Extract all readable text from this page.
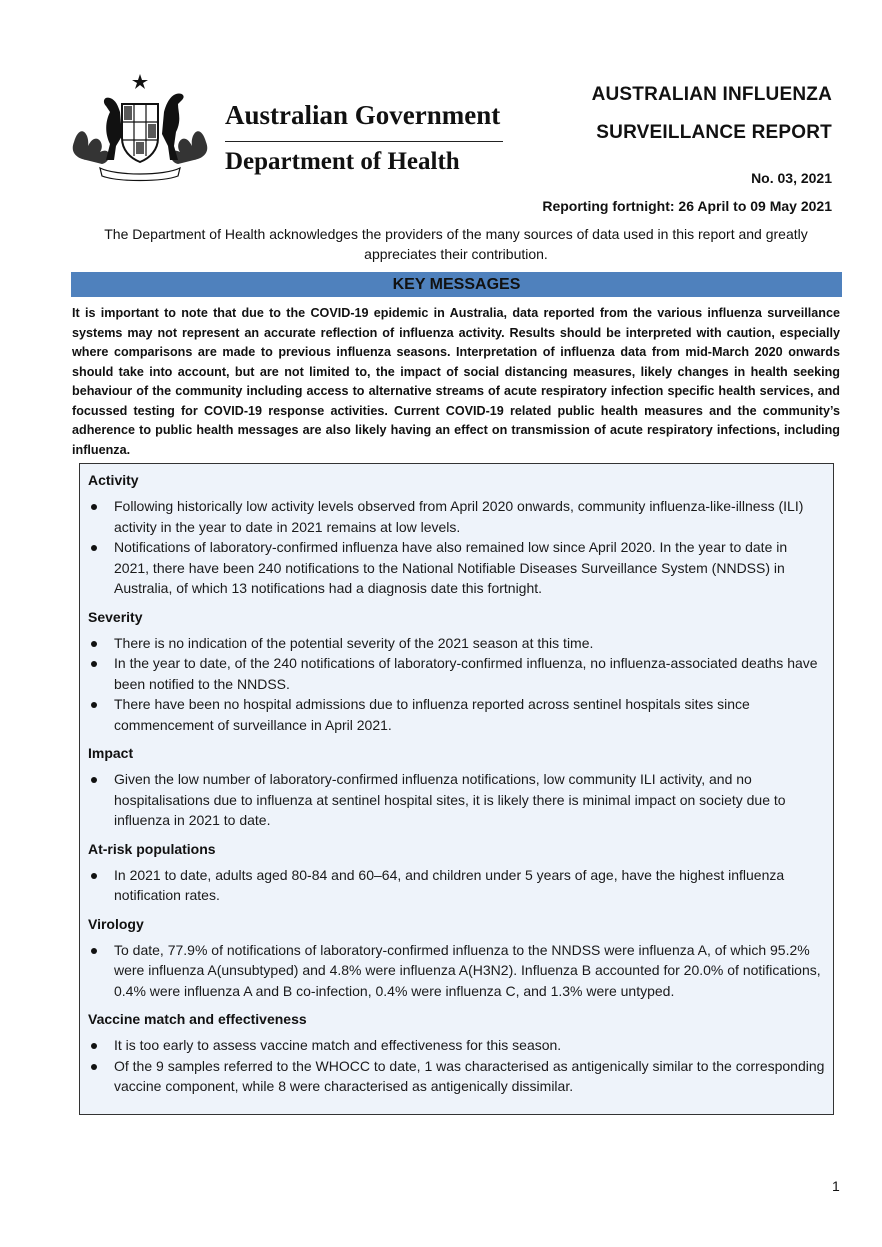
Australian Government
Department of Health
AUSTRALIAN INFLUENZA
SURVEILLANCE REPORT
No. 03, 2021
Reporting fortnight: 26 April to 09 May 2021
The Department of Health acknowledges the providers of the many sources of data used in this report and greatly appreciates their contribution.
KEY MESSAGES
It is important to note that due to the COVID-19 epidemic in Australia, data reported from the various influenza surveillance systems may not represent an accurate reflection of influenza activity. Results should be interpreted with caution, especially where comparisons are made to previous influenza seasons. Interpretation of influenza data from mid-March 2020 onwards should take into account, but are not limited to, the impact of social distancing measures, likely changes in health seeking behaviour of the community including access to alternative streams of acute respiratory infection specific health services, and focussed testing for COVID-19 response activities. Current COVID-19 related public health measures and the community’s adherence to public health messages are also likely having an effect on transmission of acute respiratory infections, including influenza.
Activity
Following historically low activity levels observed from April 2020 onwards, community influenza-like-illness (ILI) activity in the year to date in 2021 remains at low levels.
Notifications of laboratory-confirmed influenza have also remained low since April 2020. In the year to date in 2021, there have been 240 notifications to the National Notifiable Diseases Surveillance System (NNDSS) in Australia, of which 13 notifications had a diagnosis date this fortnight.
Severity
There is no indication of the potential severity of the 2021 season at this time.
In the year to date, of the 240 notifications of laboratory-confirmed influenza, no influenza-associated deaths have been notified to the NNDSS.
There have been no hospital admissions due to influenza reported across sentinel hospitals sites since commencement of surveillance in April 2021.
Impact
Given the low number of laboratory-confirmed influenza notifications, low community ILI activity, and no hospitalisations due to influenza at sentinel hospital sites, it is likely there is minimal impact on society due to influenza in 2021 to date.
At-risk populations
In 2021 to date, adults aged 80-84 and 60–64, and children under 5 years of age, have the highest influenza notification rates.
Virology
To date, 77.9% of notifications of laboratory-confirmed influenza to the NNDSS were influenza A, of which 95.2% were influenza A(unsubtyped) and 4.8% were influenza A(H3N2). Influenza B accounted for 20.0% of notifications, 0.4% were influenza A and B co-infection, 0.4% were influenza C, and 1.3% were untyped.
Vaccine match and effectiveness
It is too early to assess vaccine match and effectiveness for this season.
Of the 9 samples referred to the WHOCC to date, 1 was characterised as antigenically similar to the corresponding vaccine component, while 8 were characterised as antigenically dissimilar.
1
